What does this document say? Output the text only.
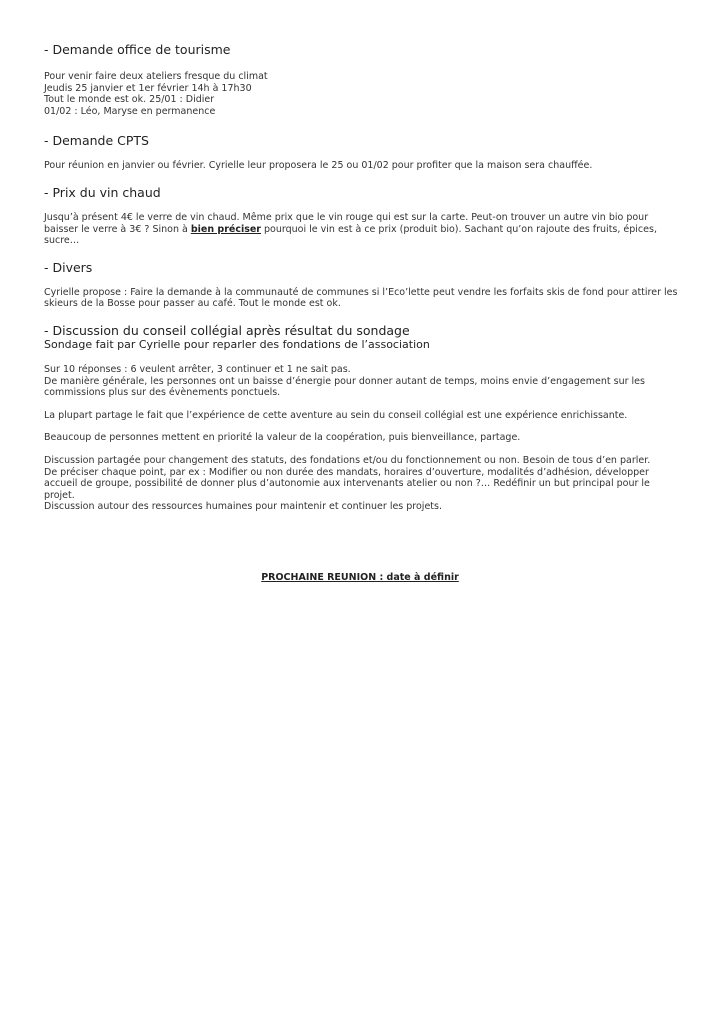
- Demande office de tourisme

Pour venir faire deux ateliers fresque du climat

Jeudis 25 janvier et 1er février 14h à 17h30

Tout le monde est ok. 25/01 : Didier

01/02 : Léo, Maryse en permanence

- Demande CPTS

Pour réunion en janvier ou février. Cyrielle leur proposera le 25 ou 01/02 pour profiter que la maison sera chauffée.

- Prix du vin chaud

Jusqu’à présent 4€ le verre de vin chaud. Même prix que le vin rouge qui est sur la carte. Peut-on trouver un autre vin bio pour baisser le verre à 3€ ? Sinon à bien préciser pourquoi le vin est à ce prix (produit bio). Sachant qu’on rajoute des fruits, épices, sucre…

- Divers

Cyrielle propose : Faire la demande à la communauté de communes si l’Eco’lette peut vendre les forfaits skis de fond pour attirer les skieurs de la Bosse pour passer au café. Tout le monde est ok.

- Discussion du conseil collégial après résultat du sondage

Sondage fait par Cyrielle pour reparler des fondations de l’association

Sur 10 réponses : 6 veulent arrêter, 3 continuer et 1 ne sait pas.

De manière générale, les personnes ont un baisse d’énergie pour donner autant de temps, moins envie d’engagement sur les commissions plus sur des évènements ponctuels.

La plupart partage le fait que l’expérience de cette aventure au sein du conseil collégial est une expérience enrichissante.

Beaucoup de personnes mettent en priorité la valeur de la coopération, puis bienveillance, partage.

Discussion partagée pour changement des statuts, des fondations et/ou du fonctionnement ou non. Besoin de tous d’en parler.

De préciser chaque point, par ex : Modifier ou non durée des mandats, horaires d’ouverture, modalités d’adhésion, développer accueil de groupe, possibilité de donner plus d’autonomie aux intervenants atelier ou non ?… Redéfinir un but principal pour le projet.

Discussion autour des ressources humaines pour maintenir et continuer les projets.

PROCHAINE REUNION : date à définir
